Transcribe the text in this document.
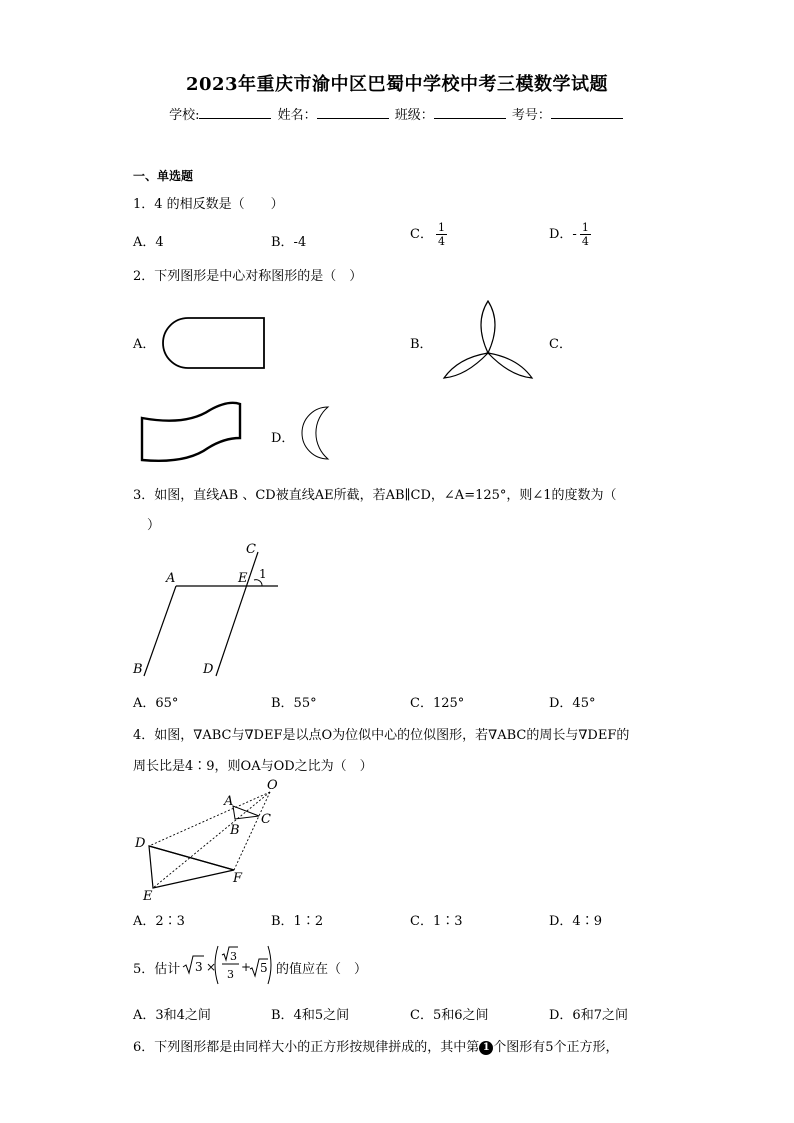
2023年重庆市渝中区巴蜀中学校中考三模数学试题
学校:	姓名：	班级：	考号：
一、单选题
1．4 的相反数是（　　）
A．4	B．-4
C． $\frac{1}{4}$	D．- $\frac{1}{4}$
2．下列图形是中心对称图形的是（　）
A．	B．	C．
D．
3．如图，直线AB 、CD被直线AE所截，若AB∥CD，∠A=125°，则∠1的度数为（
）
C
A	E 1
B	D
A．65°	B．55°	C．125°	D．45°
4．如图，∇ABC与∇DEF是以点O为位似中心的位似图形，若∇ABC的周长与∇DEF的
周长比是4∶9，则OA与OD之比为（　）
O
A
B
C
D
E
F
A．2∶3	B．1∶2	C．1∶3	D．4∶9
5．估计 3 ×
3
3
+ 5 的值应在（　）
A．3和4之间	B．4和5之间	C．5和6之间	D．6和7之间
6．下列图形都是由同样大小的正方形按规律拼成的，其中第 1 个图形有5个正方形，
